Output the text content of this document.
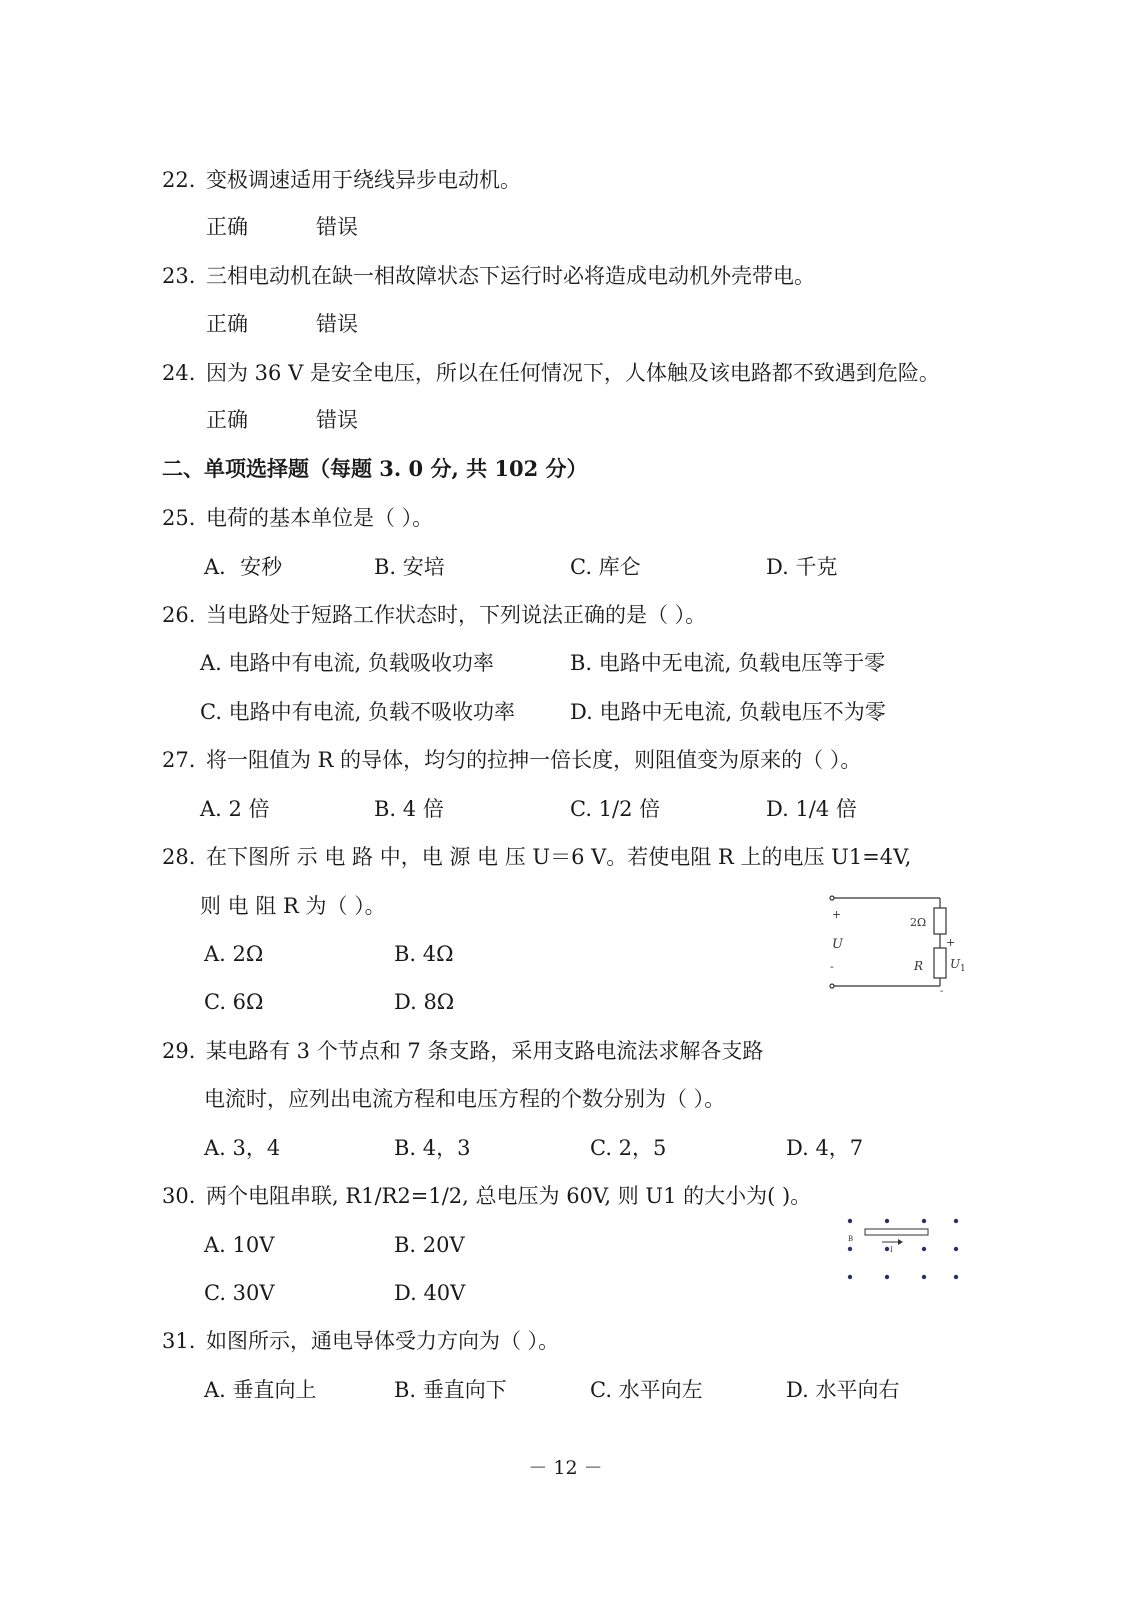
22. 变极调速适用于绕线异步电动机。
正确	错误
23. 三相电动机在缺一相故障状态下运行时必将造成电动机外壳带电。
正确	错误
24. 因为 36 V 是安全电压，所以在任何情况下，人体触及该电路都不致遇到危险。
正确	错误
二、单项选择题（每题 3. 0 分, 共 102 分）
25. 电荷的基本单位是（ ）。
A．安秒	B. 安培	C. 库仑	D. 千克
26. 当电路处于短路工作状态时，下列说法正确的是（ ）。
A. 电路中有电流, 负载吸收功率	B. 电路中无电流, 负载电压等于零
C. 电路中有电流, 负载不吸收功率	D. 电路中无电流, 负载电压不为零
27. 将一阻值为 R 的导体，均匀的拉抻一倍长度，则阻值变为原来的（ ）。
A. 2 倍	B. 4 倍	C. 1/2 倍	D. 1/4 倍
28. 在下图所 示 电 路 中，电 源 电 压 U＝6 V。若使电阻 R 上的电压 U1=4V,
则 电 阻 R 为（ ）。
A. 2Ω	B. 4Ω
C. 6Ω	D. 8Ω
+
U
-
2Ω
+
R U 1
-
29. 某电路有 3 个节点和 7 条支路，采用支路电流法求解各支路
电流时，应列出电流方程和电压方程的个数分别为（ ）。
A. 3，4	B. 4，3	C. 2，5	D. 4，7
30. 两个电阻串联, R1/R2=1/2, 总电压为 60V, 则 U1 的大小为( )。
A. 10V	B. 20V
C. 30V	D. 40V
B
I
31. 如图所示，通电导体受力方向为（ ）。
A. 垂直向上	B. 垂直向下	C. 水平向左	D. 水平向右
－ 12 －
